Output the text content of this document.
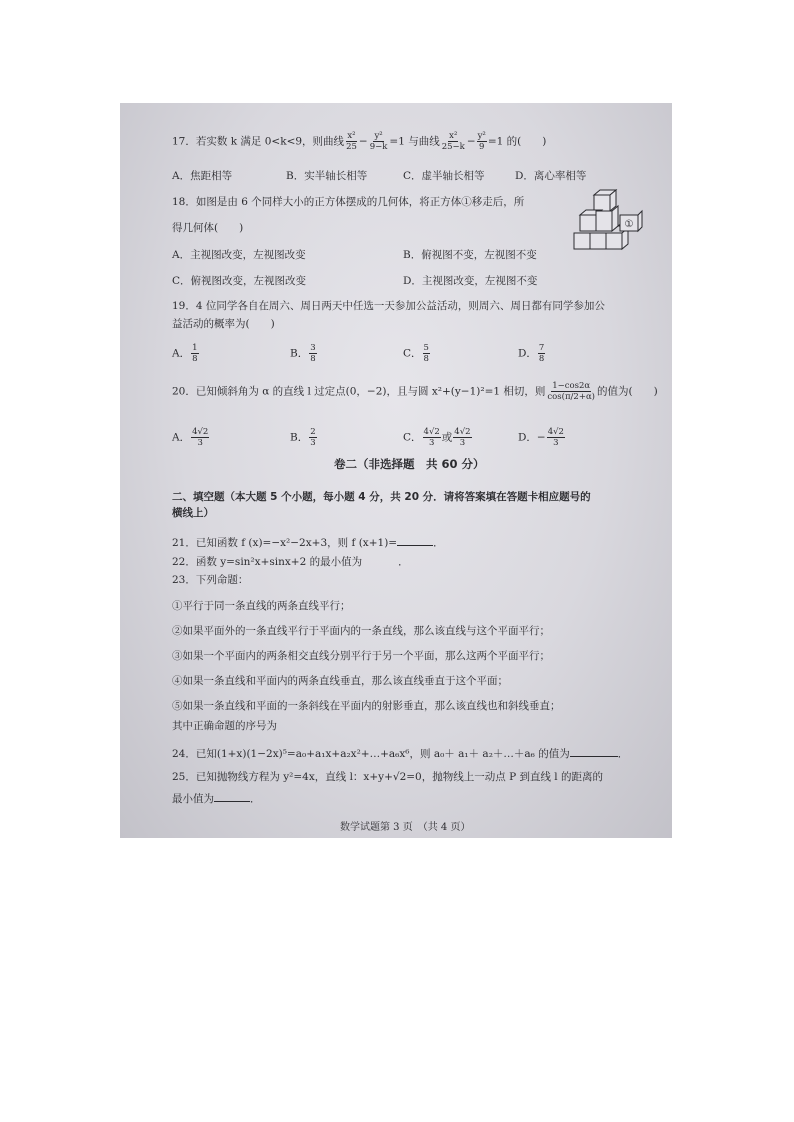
17．若实数 k 满足 0<k<9，则曲线 $\frac{\text{x²}}{25} - \frac{\text{y²}}{9-k} =1$ 与曲线 $\frac{\text{x²}}{25-k} - \frac{\text{y²}}{9} =1$ 的(　　)
A．焦距相等	B．实半轴长相等	C．虚半轴长相等	D．离心率相等
18．如图是由 6 个同样大小的正方体摆成的几何体，将正方体①移走后，所
得几何体(　　)	①
A．主视图改变，左视图改变	B．俯视图不变，左视图不变
C．俯视图改变，左视图改变	D．主视图改变，左视图不变
19．4 位同学各自在周六、周日两天中任选一天参加公益活动，则周六、周日都有同学参加公
益活动的概率为(　　)
A． $\frac{1}{8}$	B． $\frac{3}{8}$	C． $\frac{5}{8}$	D． $\frac{7}{8}$
20．已知倾斜角为 α 的直线 l 过定点(0，−2)，且与圆 x²+(y−1)²=1 相切，则 $\frac{1-\cos 2\alpha}{\cos(\pi/2+\alpha)}$ 的值为(　　)
A． $\frac{4√2}{3}$	B． $\frac{2}{3}$	C． $\frac{4√2}{3}$ 或 $\frac{4√2}{3}$	D．− $\frac{4√2}{3}$
卷二（非选择题　共 60 分）
二、填空题（本大题 5 个小题，每小题 4 分，共 20 分．请将答案填在答题卡相应题号的
横线上）
21．已知函数 f (x)=−x²−2x+3，则 f (x+1)=	．
22．函数 y=sin²x+sinx+2 的最小值为	．
23．下列命题：
①平行于同一条直线的两条直线平行；
②如果平面外的一条直线平行于平面内的一条直线，那么该直线与这个平面平行；
③如果一个平面内的两条相交直线分别平行于另一个平面，那么这两个平面平行；
④如果一条直线和平面内的两条直线垂直，那么该直线垂直于这个平面；
⑤如果一条直线和平面的一条斜线在平面内的射影垂直，那么该直线也和斜线垂直；
其中正确命题的序号为
24．已知(1+x)(1−2x)⁵=a₀+a₁x+a₂x²+…+a₆x⁶，则 a₀＋ a₁＋ a₂＋…＋a₆ 的值为	．
25．已知抛物线方程为 y²=4x，直线 l：x+y+√2=0，抛物线上一动点 P 到直线 l 的距离的
最小值为	．
数学试题第 3 页　（共 4 页）
